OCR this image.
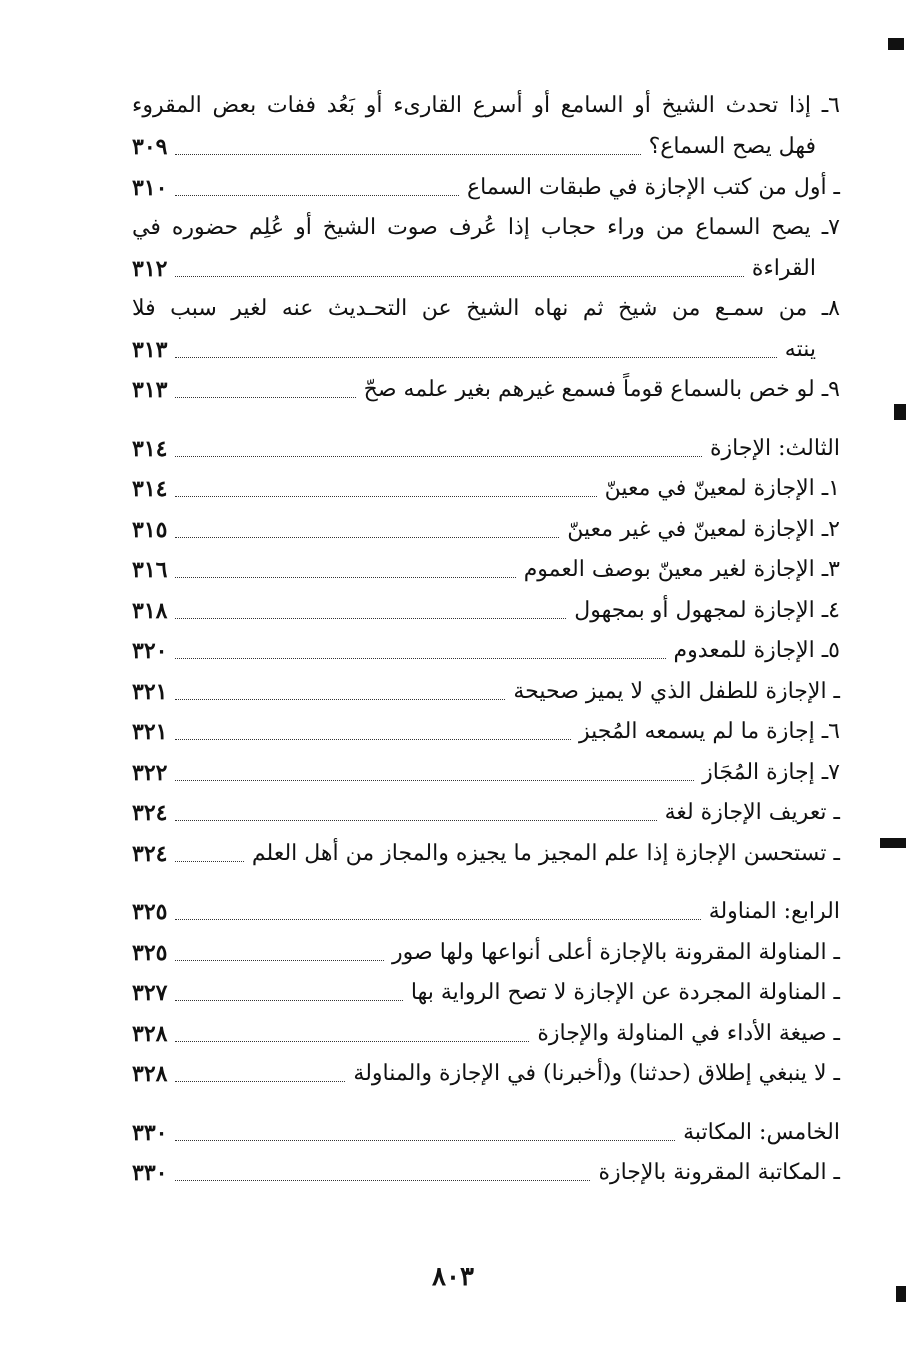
٦ـ إذا تحدث الشيخ أو السامع أو أسرع القارىء أو بَعُد ففات بعض المقروء
فهل يصح السماع؟
٣٠٩
ـ أول من كتب الإجازة في طبقات السماع
٣١٠
٧ـ يصح السماع من وراء حجاب إذا عُرف صوت الشيخ أو عُلِم حضوره في
القراءة
٣١٢
٨ـ من سمـع من شيخ ثم نهاه الشيخ عن التحـديث عنه لغير سبب فلا
ينته
٣١٣
٩ـ لو خص بالسماع قوماً فسمع غيرهم بغير علمه صحّ
٣١٣
الثالث: الإجازة
٣١٤
١ـ الإجازة لمعينّ في معينّ
٣١٤
٢ـ الإجازة لمعينّ في غير معينّ
٣١٥
٣ـ الإجازة لغير معينّ بوصف العموم
٣١٦
٤ـ الإجازة لمجهول أو بمجهول
٣١٨
٥ـ الإجازة للمعدوم
٣٢٠
ـ الإجازة للطفل الذي لا يميز صحيحة
٣٢١
٦ـ إجازة ما لم يسمعه المُجيز
٣٢١
٧ـ إجازة المُجَاز
٣٢٢
ـ تعريف الإجازة لغة
٣٢٤
ـ تستحسن الإجازة إذا علم المجيز ما يجيزه والمجاز من أهل العلم
٣٢٤
الرابع: المناولة
٣٢٥
ـ المناولة المقرونة بالإجازة أعلى أنواعها ولها صور
٣٢٥
ـ المناولة المجردة عن الإجازة لا تصح الرواية بها
٣٢٧
ـ صيغة الأداء في المناولة والإجازة
٣٢٨
ـ لا ينبغي إطلاق (حدثنا) و(أخبرنا) في الإجازة والمناولة
٣٢٨
الخامس: المكاتبة
٣٣٠
ـ المكاتبة المقرونة بالإجازة
٣٣٠
٨٠٣
